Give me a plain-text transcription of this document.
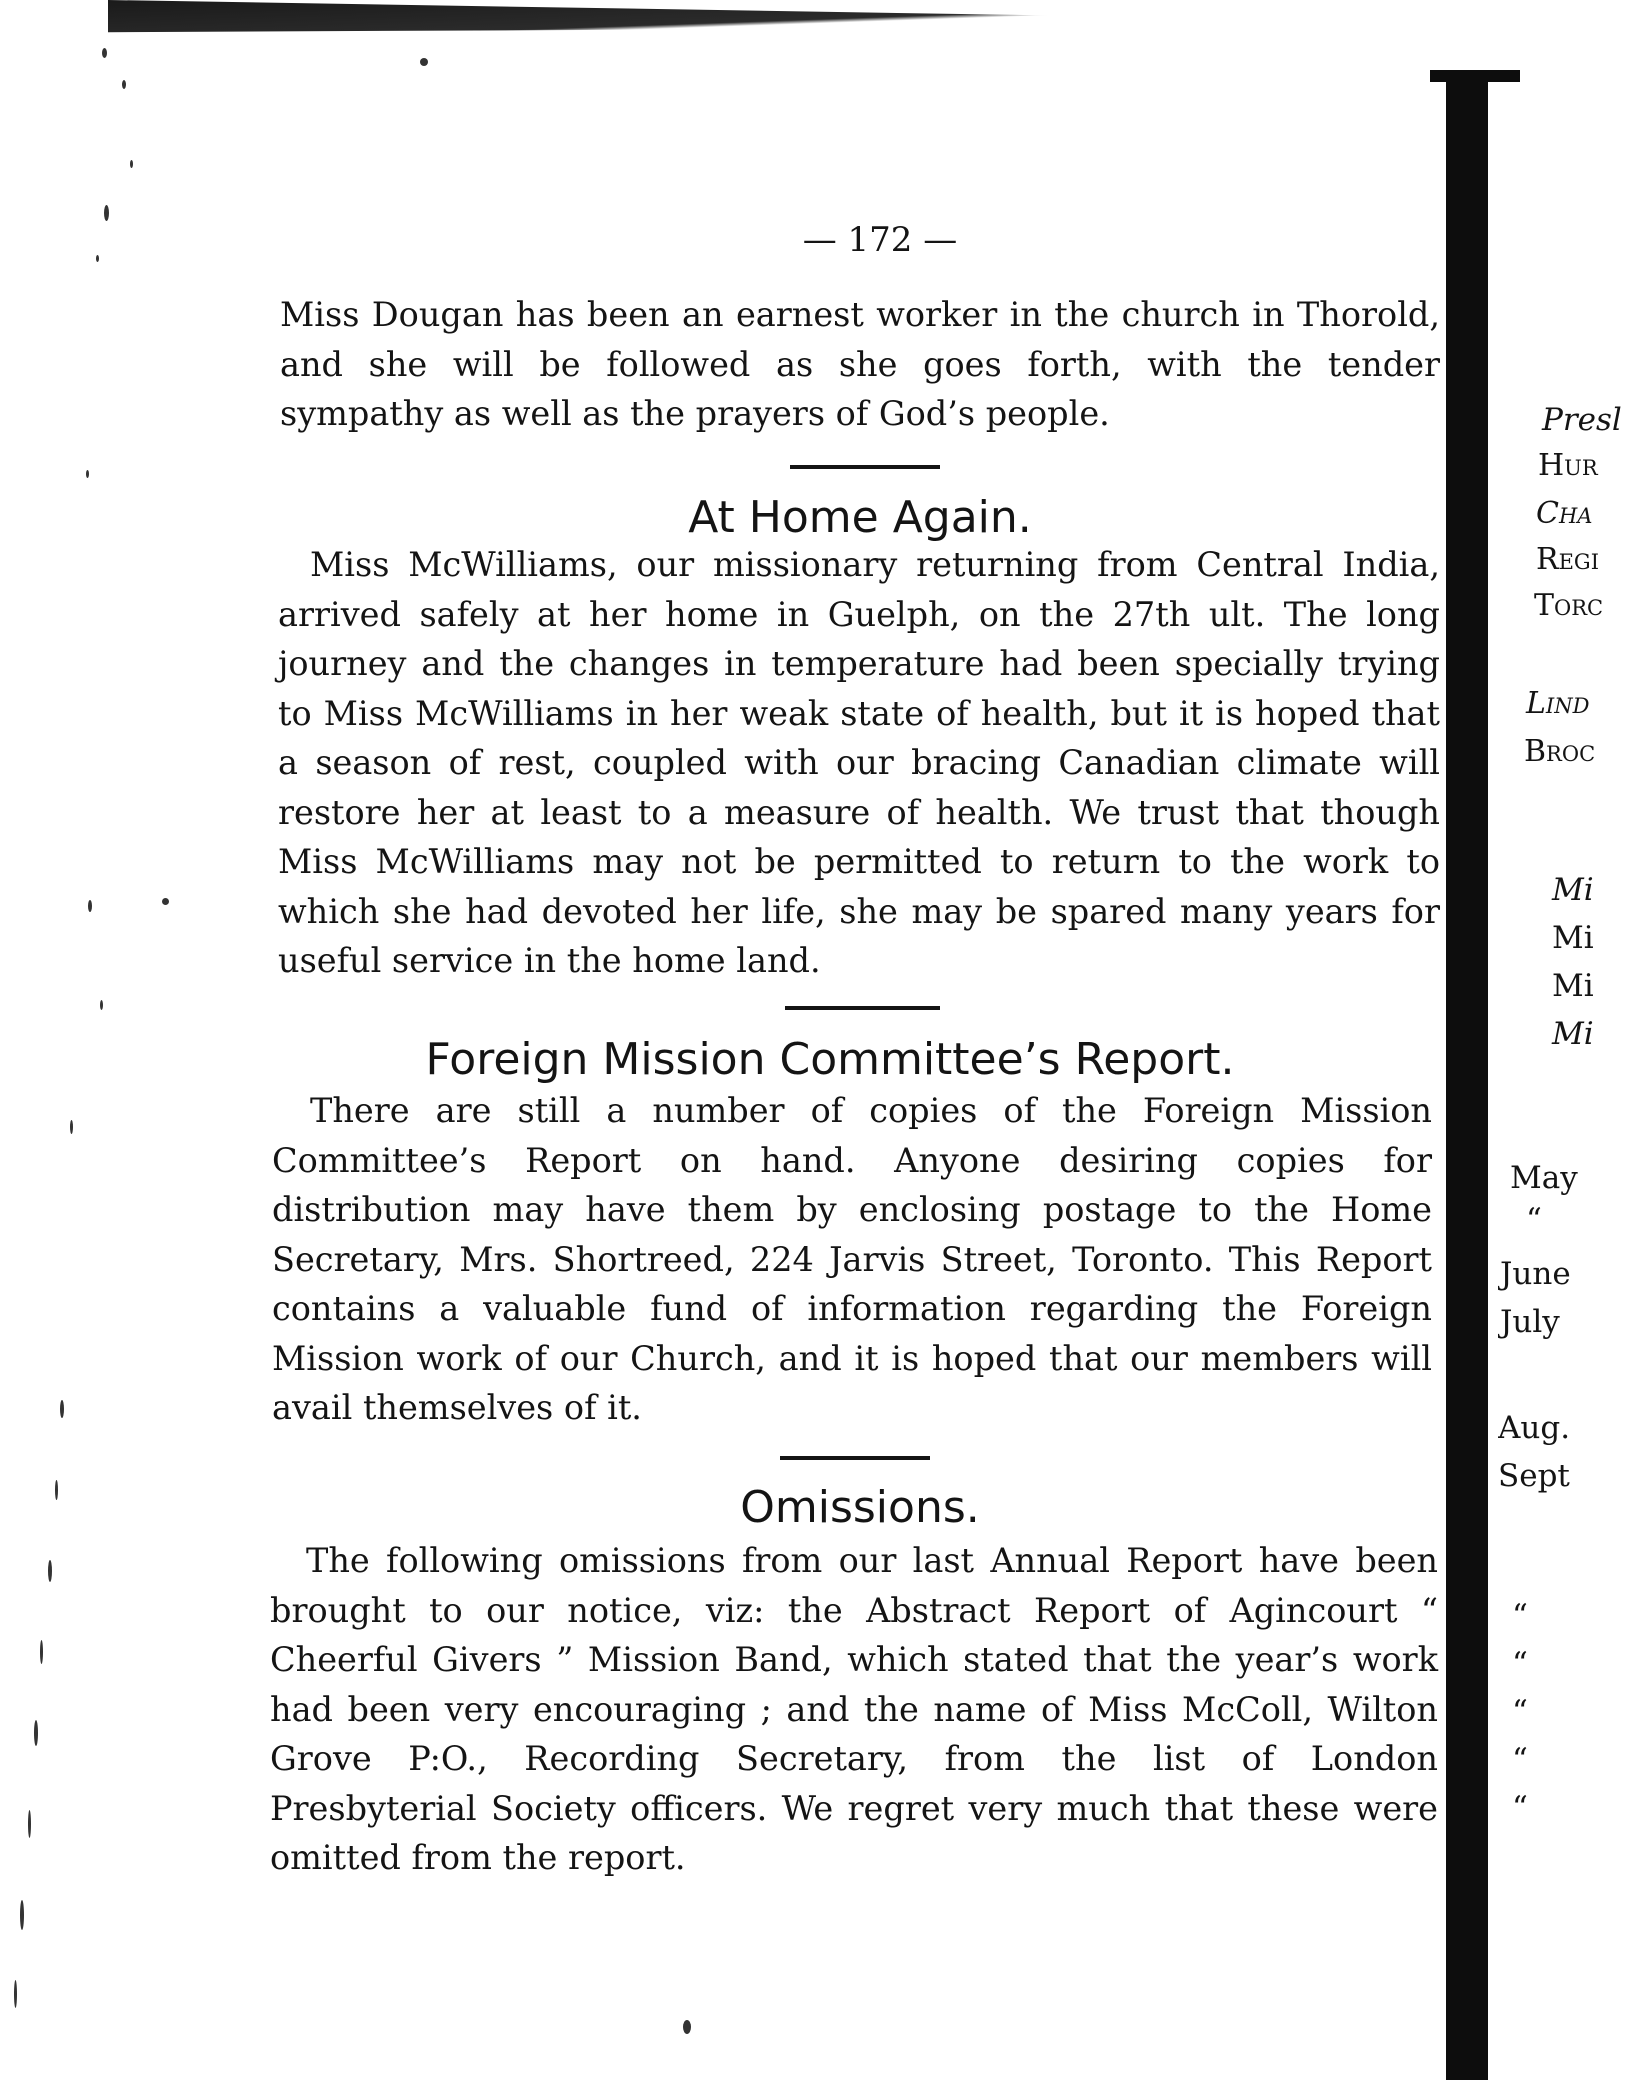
— 172 —

Miss Dougan has been an earnest worker in the church in Thorold, and she will be followed as she goes forth, with the tender sympathy as well as the prayers of God’s people.

At Home Again.

Miss McWilliams, our missionary returning from Central India, arrived safely at her home in Guelph, on the 27th ult. The long journey and the changes in temperature had been specially trying to Miss McWilliams in her weak state of health, but it is hoped that a season of rest, coupled with our bracing Canadian climate will restore her at least to a measure of health. We trust that though Miss McWilliams may not be permitted to return to the work to which she had devoted her life, she may be spared many years for useful service in the home land.

Foreign Mission Committee’s Report.

There are still a number of copies of the Foreign Mission Committee’s Report on hand. Anyone desiring copies for distribution may have them by enclosing postage to the Home Secretary, Mrs. Shortreed, 224 Jarvis Street, Toronto. This Report contains a valuable fund of information regarding the Foreign Mission work of our Church, and it is hoped that our members will avail themselves of it.

Omissions.

The following omissions from our last Annual Report have been brought to our notice, viz: the Abstract Report of Agincourt “ Cheerful Givers ” Mission Band, which stated that the year’s work had been very encouraging ; and the name of Miss McColl, Wilton Grove P:O., Recording Secretary, from the list of London Presbyterial Society officers. We regret very much that these were omitted from the report.

Presl
Hur
Cha
Regi
Torc
Lind
Broc
Mi
Mi
Mi
Mi
May
“
June
July
Aug.
Sept
“
“
“
“
“
